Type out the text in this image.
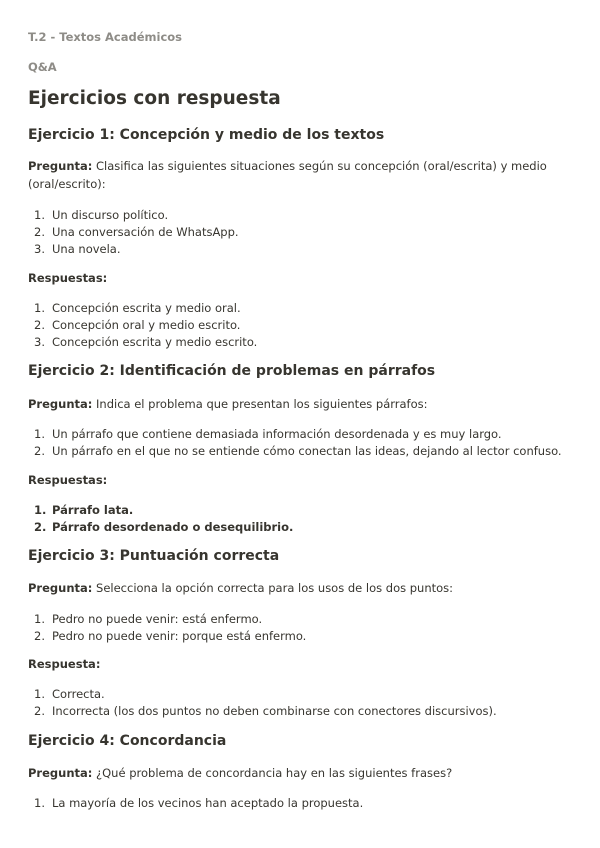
T.2 - Textos Académicos
Q&A
Ejercicios con respuesta
Ejercicio 1: Concepción y medio de los textos

Pregunta: Clasifica las siguientes situaciones según su concepción (oral/escrita) y medio (oral/escrito):

1. Un discurso político.
2. Una conversación de WhatsApp.
3. Una novela.

Respuestas:

1. Concepción escrita y medio oral.
2. Concepción oral y medio escrito.
3. Concepción escrita y medio escrito.
Ejercicio 2: Identificación de problemas en párrafos

Pregunta: Indica el problema que presentan los siguientes párrafos:

1. Un párrafo que contiene demasiada información desordenada y es muy largo.
2. Un párrafo en el que no se entiende cómo conectan las ideas, dejando al lector confuso.

Respuestas:

1. Párrafo lata.
2. Párrafo desordenado o desequilibrio.
Ejercicio 3: Puntuación correcta

Pregunta: Selecciona la opción correcta para los usos de los dos puntos:

1. Pedro no puede venir: está enfermo.
2. Pedro no puede venir: porque está enfermo.

Respuesta:

1. Correcta.
2. Incorrecta (los dos puntos no deben combinarse con conectores discursivos).
Ejercicio 4: Concordancia

Pregunta: ¿Qué problema de concordancia hay en las siguientes frases?

1. La mayoría de los vecinos han aceptado la propuesta.
